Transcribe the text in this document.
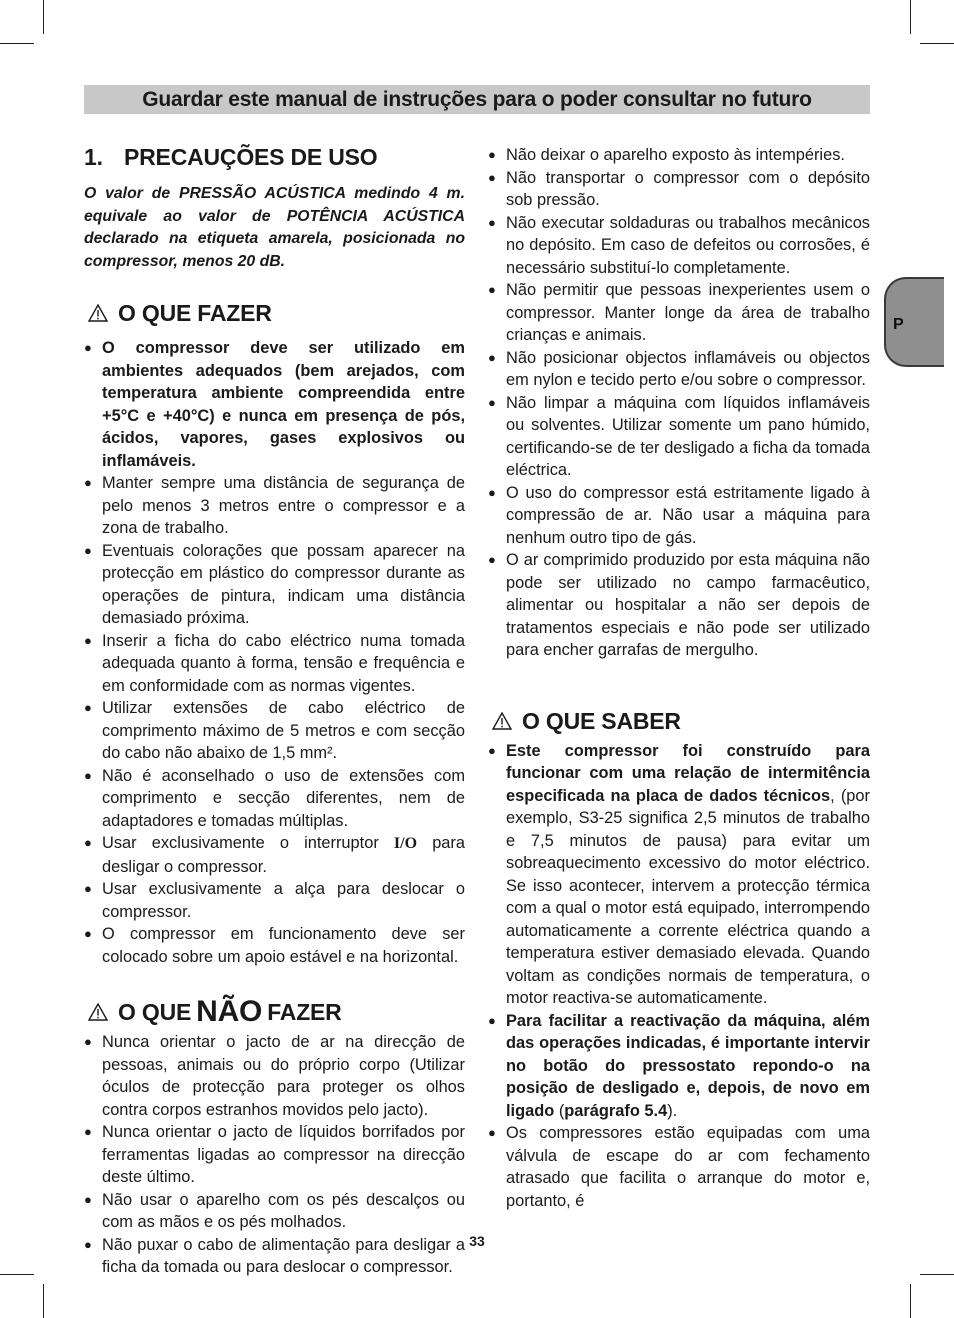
Guardar este manual de instruções para o poder consultar no futuro
1. PRECAUÇÕES DE USO

O valor de PRESSÃO ACÚSTICA medindo 4 m. equivale ao valor de POTÊNCIA ACÚSTICA declarado na etiqueta amarela, posicionada no compressor, menos 20 dB.

O QUE FAZER
● O compressor deve ser utilizado em ambientes adequados (bem arejados, com temperatura ambiente compreendida entre +5°C e +40°C) e nunca em presença de pós, ácidos, vapores, gases explosivos ou inflamáveis.
● Manter sempre uma distância de segurança de pelo menos 3 metros entre o compressor e a zona de trabalho.
● Eventuais colorações que possam aparecer na protecção em plástico do compressor durante as operações de pintura, indicam uma distância demasiado próxima.
● Inserir a ficha do cabo eléctrico numa tomada adequada quanto à forma, tensão e frequência e em conformidade com as normas vigentes.
● Utilizar extensões de cabo eléctrico de comprimento máximo de 5 metros e com secção do cabo não abaixo de 1,5 mm².
● Não é aconselhado o uso de extensões com comprimento e secção diferentes, nem de adaptadores e tomadas múltiplas.
● Usar exclusivamente o interruptor I/O para desligar o compressor.
● Usar exclusivamente a alça para deslocar o compressor.
● O compressor em funcionamento deve ser colocado sobre um apoio estável e na horizontal.
O QUE NÃO FAZER
● Nunca orientar o jacto de ar na direcção de pessoas, animais ou do próprio corpo (Utilizar óculos de protecção para proteger os olhos contra corpos estranhos movidos pelo jacto).
● Nunca orientar o jacto de líquidos borrifados por ferramentas ligadas ao compressor na direcção deste último.
● Não usar o aparelho com os pés descalços ou com as mãos e os pés molhados.
● Não puxar o cabo de alimentação para desligar a ficha da tomada ou para deslocar o compressor.
● Não deixar o aparelho exposto às intempéries.
● Não transportar o compressor com o depósito sob pressão.
● Não executar soldaduras ou trabalhos mecânicos no depósito. Em caso de defeitos ou corrosões, é necessário substituí-lo completamente.
● Não permitir que pessoas inexperientes usem o compressor. Manter longe da área de trabalho crianças e animais.
● Não posicionar objectos inflamáveis ou objectos em nylon e tecido perto e/ou sobre o compressor.
● Não limpar a máquina com líquidos inflamáveis ou solventes. Utilizar somente um pano húmido, certificando-se de ter desligado a ficha da tomada eléctrica.
● O uso do compressor está estritamente ligado à compressão de ar. Não usar a máquina para nenhum outro tipo de gás.
● O ar comprimido produzido por esta máquina não pode ser utilizado no campo farmacêutico, alimentar ou hospitalar a não ser depois de tratamentos especiais e não pode ser utilizado para encher garrafas de mergulho.
O QUE SABER
● Este compressor foi construído para funcionar com uma relação de intermitência especificada na placa de dados técnicos, (por exemplo, S3-25 significa 2,5 minutos de trabalho e 7,5 minutos de pausa) para evitar um sobreaquecimento excessivo do motor eléctrico. Se isso acontecer, intervem a protecção térmica com a qual o motor está equipado, interrompendo automaticamente a corrente eléctrica quando a temperatura estiver demasiado elevada. Quando voltam as condições normais de temperatura, o motor reactiva-se automaticamente.
● Para facilitar a reactivação da máquina, além das operações indicadas, é importante intervir no botão do pressostato repondo-o na posição de desligado e, depois, de novo em ligado (parágrafo 5.4).
● Os compressores estão equipadas com uma válvula de escape do ar com fechamento atrasado que facilita o arranque do motor e, portanto, é
P
33
